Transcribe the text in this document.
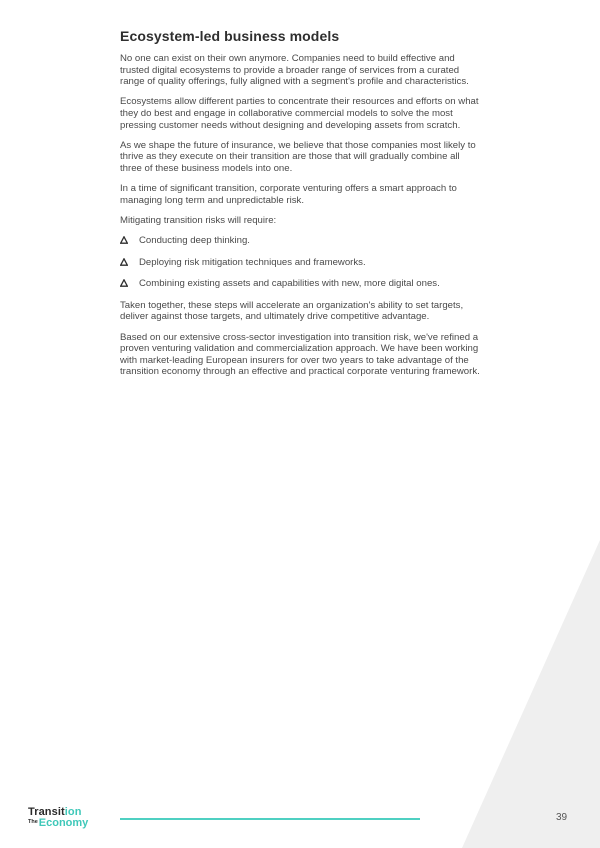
Ecosystem-led business models

No one can exist on their own anymore. Companies need to build effective and trusted digital ecosystems to provide a broader range of services from a curated range of quality offerings, fully aligned with a segment's profile and characteristics.

Ecosystems allow different parties to concentrate their resources and efforts on what they do best and engage in collaborative commercial models to solve the most pressing customer needs without designing and developing assets from scratch.

As we shape the future of insurance, we believe that those companies most likely to thrive as they execute on their transition are those that will gradually combine all three of these business models into one.

In a time of significant transition, corporate venturing offers a smart approach to managing long term and unpredictable risk.

Mitigating transition risks will require:

Conducting deep thinking.
Deploying risk mitigation techniques and frameworks.
Combining existing assets and capabilities with new, more digital ones.

Taken together, these steps will accelerate an organization's ability to set targets, deliver against those targets, and ultimately drive competitive advantage.

Based on our extensive cross-sector investigation into transition risk, we've refined a proven venturing validation and commercialization approach. We have been working with market-leading European insurers for over two years to take advantage of the transition economy through an effective and practical corporate venturing framework.

Transition
$^{The}$Economy	39
